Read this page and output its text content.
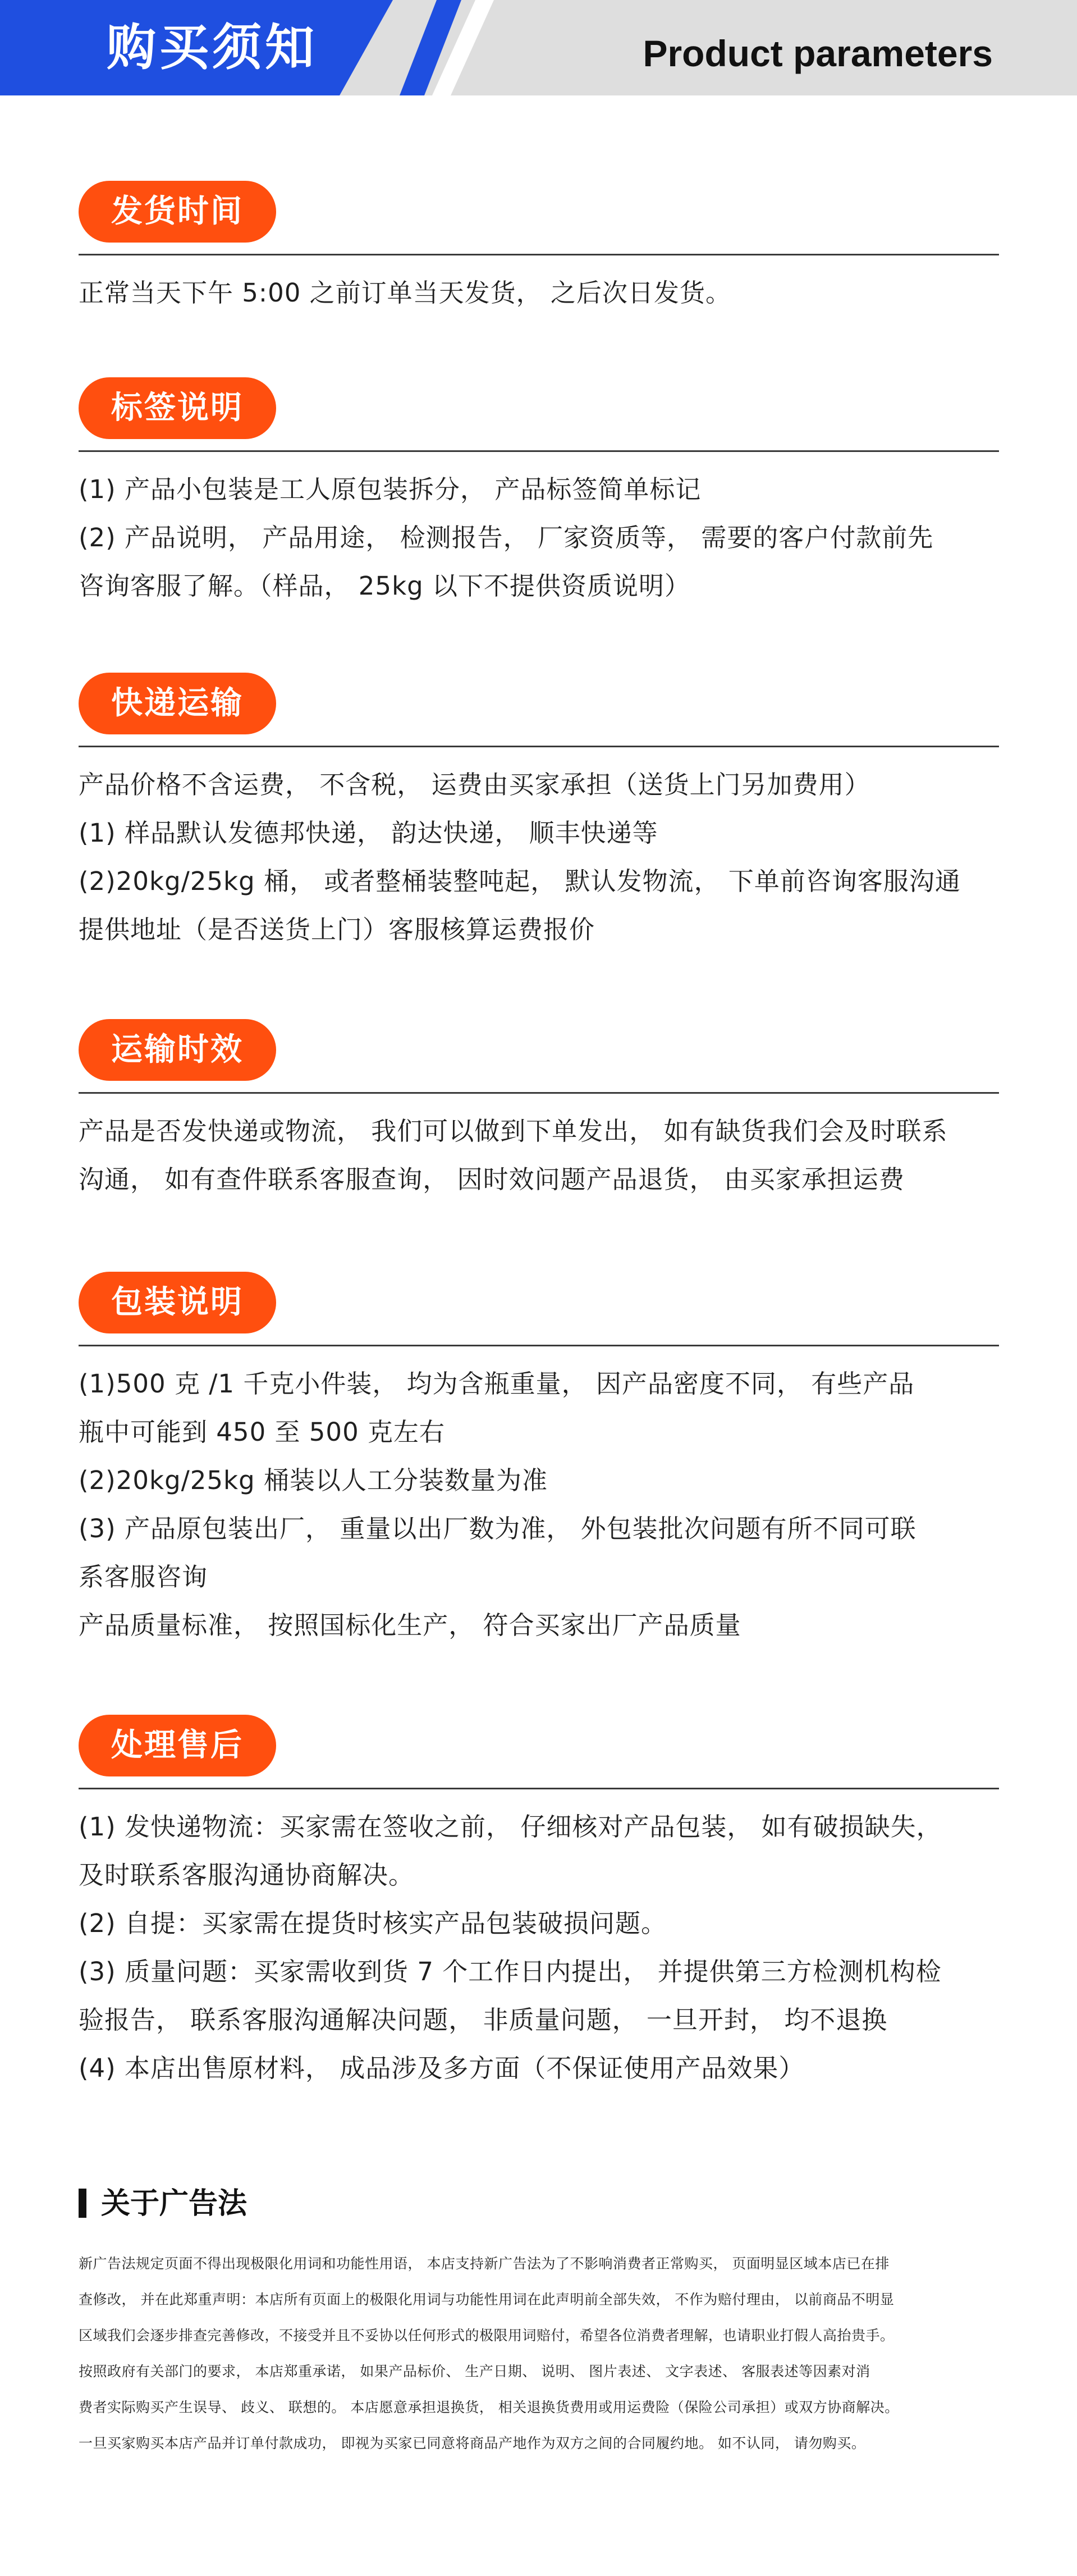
购买须知	Product parameters
发货时间
正常当天下午 5:00 之前订单当天发货， 之后次日发货。
标签说明
(1) 产品小包装是工人原包装拆分， 产品标签简单标记
(2) 产品说明， 产品用途， 检测报告， 厂家资质等， 需要的客户付款前先
咨询客服了解。（样品， 25kg 以下不提供资质说明）
快递运输
产品价格不含运费， 不含税， 运费由买家承担（送货上门另加费用）
(1) 样品默认发德邦快递， 韵达快递， 顺丰快递等
(2)20kg/25kg 桶， 或者整桶装整吨起， 默认发物流， 下单前咨询客服沟通
提供地址（是否送货上门）客服核算运费报价
运输时效
产品是否发快递或物流， 我们可以做到下单发出， 如有缺货我们会及时联系
沟通， 如有查件联系客服查询， 因时效问题产品退货， 由买家承担运费
包装说明
(1)500 克 /1 千克小件装， 均为含瓶重量， 因产品密度不同， 有些产品
瓶中可能到 450 至 500 克左右
(2)20kg/25kg 桶装以人工分装数量为准
(3) 产品原包装出厂， 重量以出厂数为准， 外包装批次问题有所不同可联
系客服咨询
产品质量标准， 按照国标化生产， 符合买家出厂产品质量
处理售后
(1) 发快递物流：买家需在签收之前， 仔细核对产品包装， 如有破损缺失，
及时联系客服沟通协商解决。
(2) 自提：买家需在提货时核实产品包装破损问题。
(3) 质量问题：买家需收到货 7 个工作日内提出， 并提供第三方检测机构检
验报告， 联系客服沟通解决问题， 非质量问题， 一旦开封， 均不退换
(4) 本店出售原材料， 成品涉及多方面（不保证使用产品效果）
关于广告法
新广告法规定页面不得出现极限化用词和功能性用语， 本店支持新广告法为了不影响消费者正常购买， 页面明显区域本店已在排
查修改， 并在此郑重声明：本店所有页面上的极限化用词与功能性用词在此声明前全部失效， 不作为赔付理由， 以前商品不明显
区域我们会逐步排查完善修改，不接受并且不妥协以任何形式的极限用词赔付，希望各位消费者理解，也请职业打假人高抬贵手。
按照政府有关部门的要求， 本店郑重承诺， 如果产品标价、 生产日期、 说明、 图片表述、 文字表述、 客服表述等因素对消
费者实际购买产生误导、 歧义、 联想的。 本店愿意承担退换货， 相关退换货费用或用运费险（保险公司承担）或双方协商解决。
一旦买家购买本店产品并订单付款成功， 即视为买家已同意将商品产地作为双方之间的合同履约地。 如不认同， 请勿购买。
